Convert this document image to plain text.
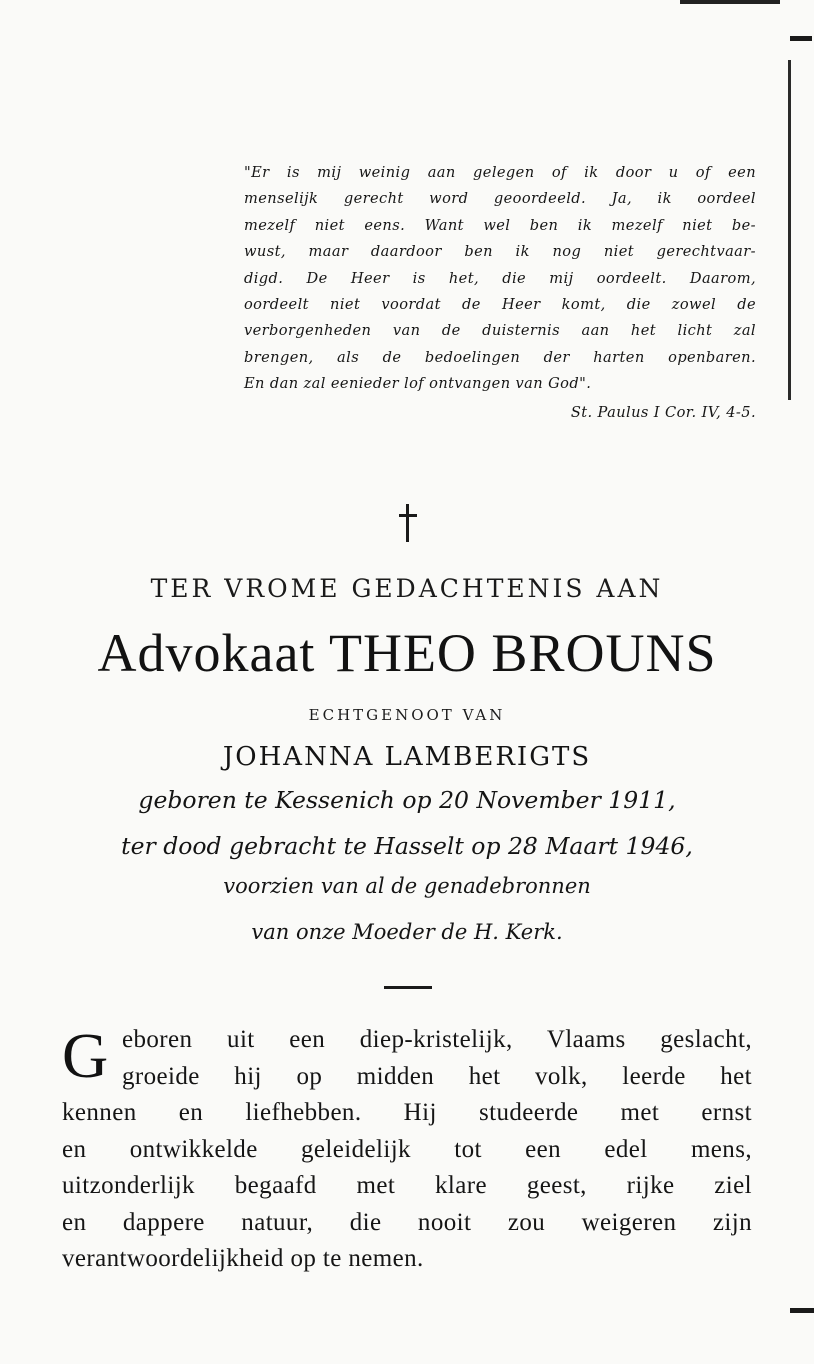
"Er is mij weinig aan gelegen of ik door u of een
menselijk gerecht word geoordeeld. Ja, ik oordeel
mezelf niet eens. Want wel ben ik mezelf niet be-
wust, maar daardoor ben ik nog niet gerechtvaar-
digd. De Heer is het, die mij oordeelt. Daarom,
oordeelt niet voordat de Heer komt, die zowel de
verborgenheden van de duisternis aan het licht zal
brengen, als de bedoelingen der harten openbaren.
En dan zal eenieder lof ontvangen van God".
St. Paulus I Cor. IV, 4-5.
TER VROME GEDACHTENIS AAN
Advokaat THEO BROUNS
ECHTGENOOT VAN
JOHANNA LAMBERIGTS
geboren te Kessenich op 20 November 1911,
ter dood gebracht te Hasselt op 28 Maart 1946,
voorzien van al de genadebronnen
van onze Moeder de H. Kerk.
G eboren uit een diep-kristelijk, Vlaams geslacht,
groeide hij op midden het volk, leerde het
kennen en liefhebben. Hij studeerde met ernst
en ontwikkelde geleidelijk tot een edel mens,
uitzonderlijk begaafd met klare geest, rijke ziel
en dappere natuur, die nooit zou weigeren zijn
verantwoordelijkheid op te nemen.
